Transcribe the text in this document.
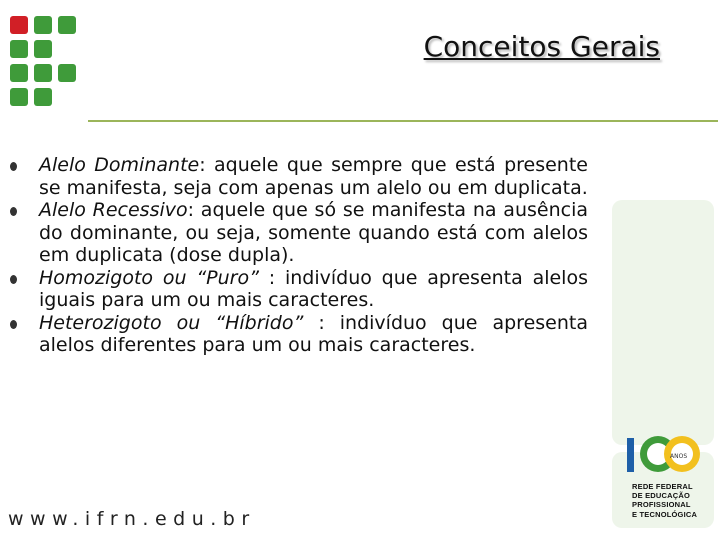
Conceitos Gerais
Alelo Dominante: aquele que sempre que está presente se manifesta, seja com apenas um alelo ou em duplicata.
Alelo Recessivo: aquele que só se manifesta na ausência do dominante, ou seja, somente quando está com alelos em duplicata (dose dupla).
Homozigoto ou “Puro” : indivíduo que apresenta alelos iguais para um ou mais caracteres.
Heterozigoto ou “Híbrido” : indivíduo que apresenta alelos diferentes para um ou mais caracteres.
www.ifrn.edu.br
ANOS
REDE FEDERAL
DE EDUCAÇÃO
PROFISSIONAL
E TECNOLÓGICA
